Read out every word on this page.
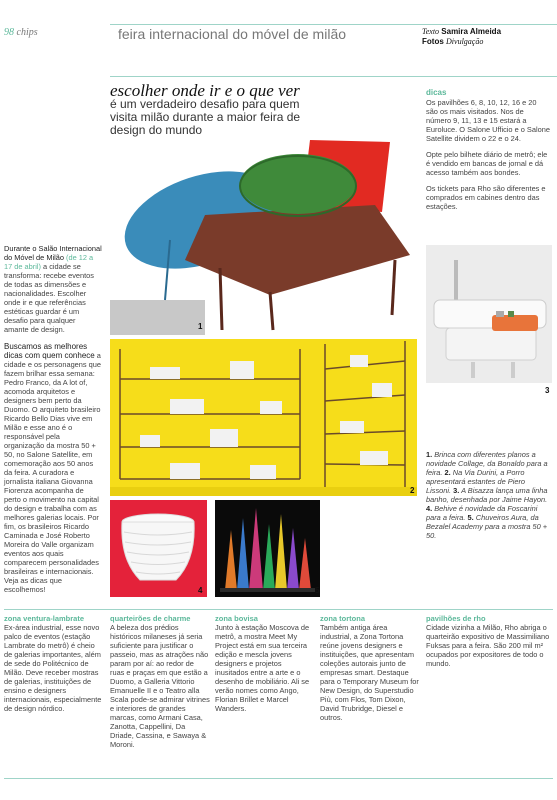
98 chips	feira internacional do móvel de milão	Texto Samira Almeida
Fotos Divulgação
escolher onde ir e o que ver
é um verdadeiro desafio para quem visita milão durante a maior feira de design do mundo
dicas
Os pavilhões 6, 8, 10, 12, 16 e 20 são os mais visitados. Nos de número 9, 11, 13 e 15 estará a Euroluce. O Salone Ufficio e o Salone Satellite dividem o 22 e o 24.
Opte pelo bilhete diário de metrô; ele é vendido em bancas de jornal e dá acesso também aos bondes.
Os tickets para Rho são diferentes e comprados em cabines dentro das estações.
1
Durante o Salão Internacional do Móvel de Milão (de 12 a 17 de abril) a cidade se transforma: recebe eventos de todas as dimensões e nacionalidades. Escolher onde ir e que referências estéticas guardar é um desafio para qualquer amante de design.
Buscamos as melhores dicas com quem conhece a cidade e os personagens que fazem brilhar essa semana: Pedro Franco, da A lot of, acomoda arquitetos e designers bem perto da Duomo. O arquiteto brasileiro Ricardo Bello Dias vive em Milão e esse ano é o responsável pela organização da mostra 50 + 50, no Salone Satellite, em comemoração aos 50 anos da feira. A curadora e jornalista italiana Giovanna Fiorenza acompanha de perto o movimento na capital do design e trabalha com as melhores galerias locais. Por fim, os brasileiros Ricardo Caminada e José Roberto Moreira do Valle organizam eventos aos quais comparecem personalidades brasileiras e internacionais. Veja as dicas que escolhemos!
3
2
1. Brinca com diferentes planos a novidade Collage, da Bonaldo para a feira. 2. Na Via Durini, a Porro apresentará estantes de Piero Lissoni. 3. A Bisazza lança uma linha banho, desenhada por Jaime Hayon. 4. Behive é novidade da Foscarini para a feira. 5. Chuveiros Aura, da Bezalel Academy para a mostra 50 + 50.
4	5
zona ventura-lambrate
Ex-área industrial, esse novo palco de eventos (estação Lambrate do metrô) é cheio de galerias importantes, além de sede do Politécnico de Milão. Deve receber mostras de galerias, instituições de ensino e designers internacionais, especialmente de design nórdico.
quarteirões de charme
A beleza dos prédios históricos milaneses já seria suficiente para justificar o passeio, mas as atrações não param por aí: ao redor de ruas e praças em que estão a Duomo, a Galleria Vittorio Emanuelle II e o Teatro alla Scala pode-se admirar vitrines e interiores de grandes marcas, como Armani Casa, Zanotta, Cappellini, Da Driade, Cassina, e Sawaya & Moroni.
zona bovisa
Junto à estação Moscova de metrô, a mostra Meet My Project está em sua terceira edição e mescla jovens designers e projetos inusitados entre a arte e o desenho de mobiliário. Ali se verão nomes como Ango, Florian Brillet e Marcel Wanders.
zona tortona
Também antiga área industrial, a Zona Tortona reúne jovens designers e instituições, que apresentam coleções autorais junto de empresas smart. Destaque para o Temporary Museum for New Design, do Superstudio Più, com Flos, Tom Dixon, David Trubridge, Diesel e outros.
pavilhões de rho
Cidade vizinha a Milão, Rho abriga o quarteirão expositivo de Massimiliano Fuksas para a feira. São 200 mil m² ocupados por expositores de todo o mundo.
